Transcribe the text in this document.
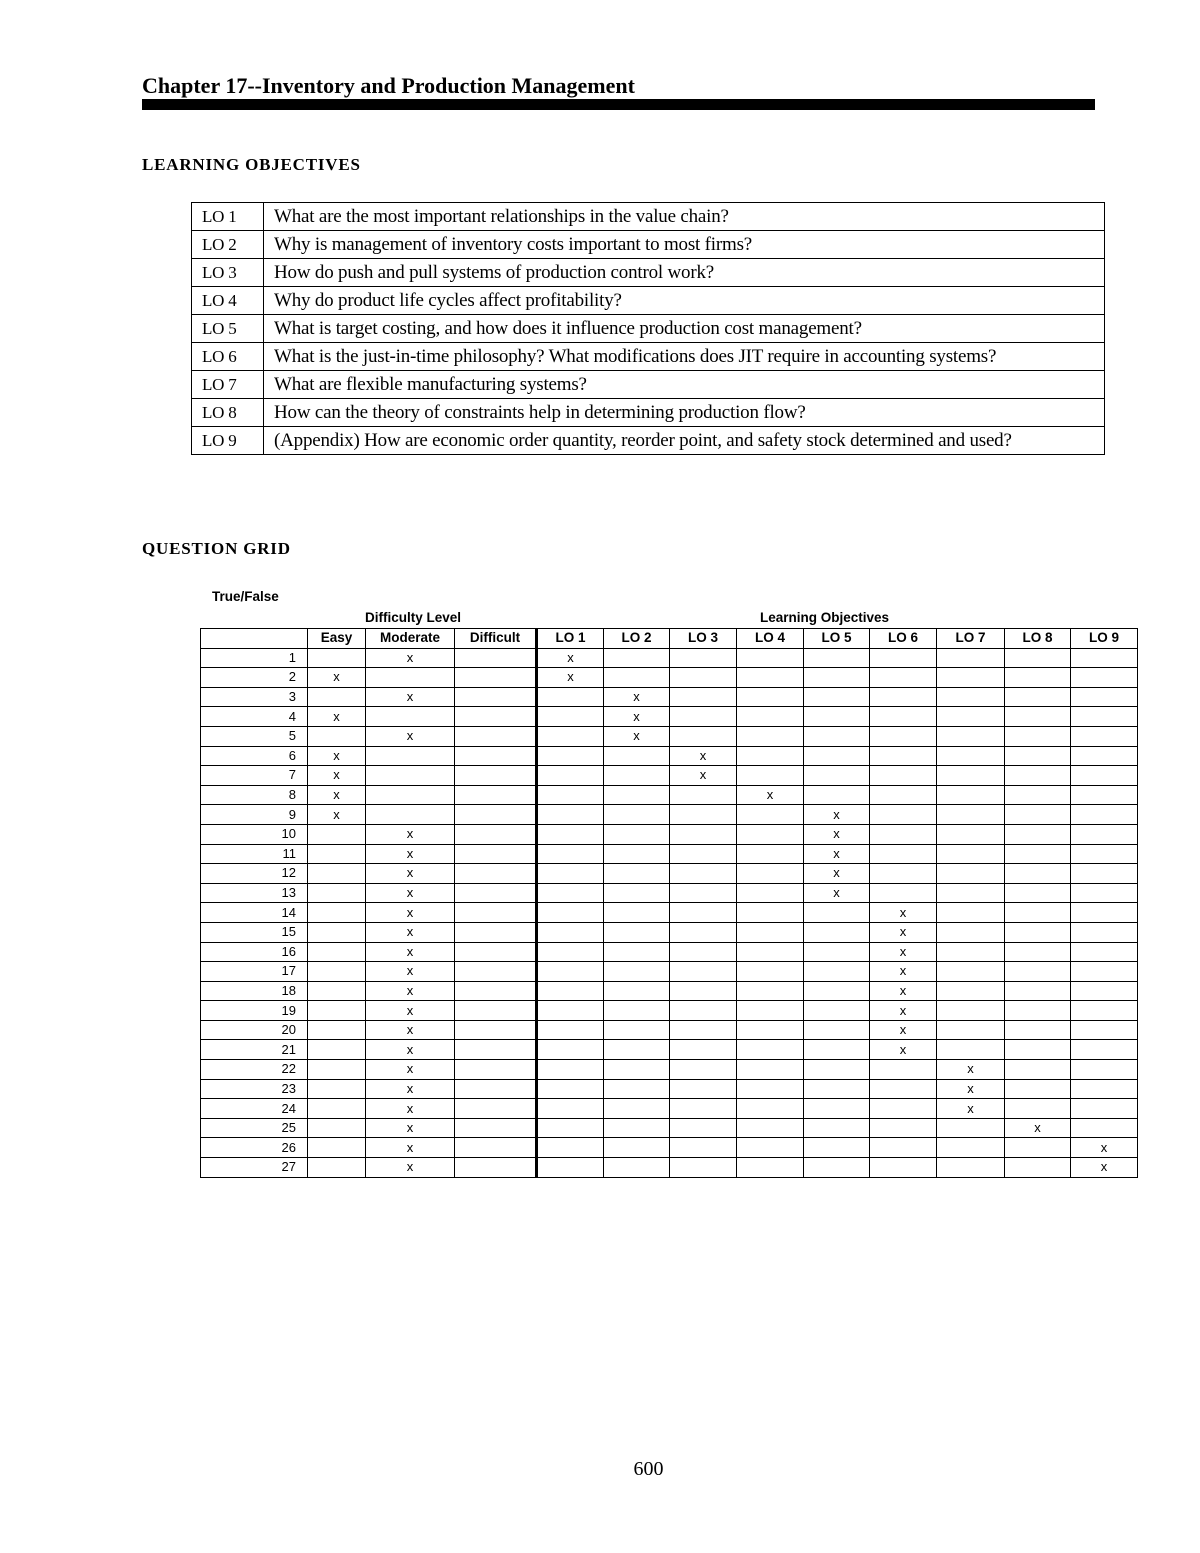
Chapter 17--Inventory and Production Management
LEARNING OBJECTIVES
LO 1	What are the most important relationships in the value chain?
LO 2	Why is management of inventory costs important to most firms?
LO 3	How do push and pull systems of production control work?
LO 4	Why do product life cycles affect profitability?
LO 5	What is target costing, and how does it influence production cost management?
LO 6	What is the just-in-time philosophy? What modifications does JIT require in accounting systems?
LO 7	What are flexible manufacturing systems?
LO 8	How can the theory of constraints help in determining production flow?
LO 9	(Appendix) How are economic order quantity, reorder point, and safety stock determined and used?
QUESTION GRID
True/False
Difficulty Level	Learning Objectives
	Easy	Moderate	Difficult	LO 1	LO 2	LO 3	LO 4	LO 5	LO 6	LO 7	LO 8	LO 9
1		x		x								
2	x			x								
3		x			x							
4	x				x							
5		x			x							
6	x					x						
7	x					x						
8	x						x					
9	x							x				
10		x						x				
11		x						x				
12		x						x				
13		x						x				
14		x							x			
15		x							x			
16		x							x			
17		x							x			
18		x							x			
19		x							x			
20		x							x			
21		x							x			
22		x								x		
23		x								x		
24		x								x		
25		x									x	
26		x										x
27		x										x
600
